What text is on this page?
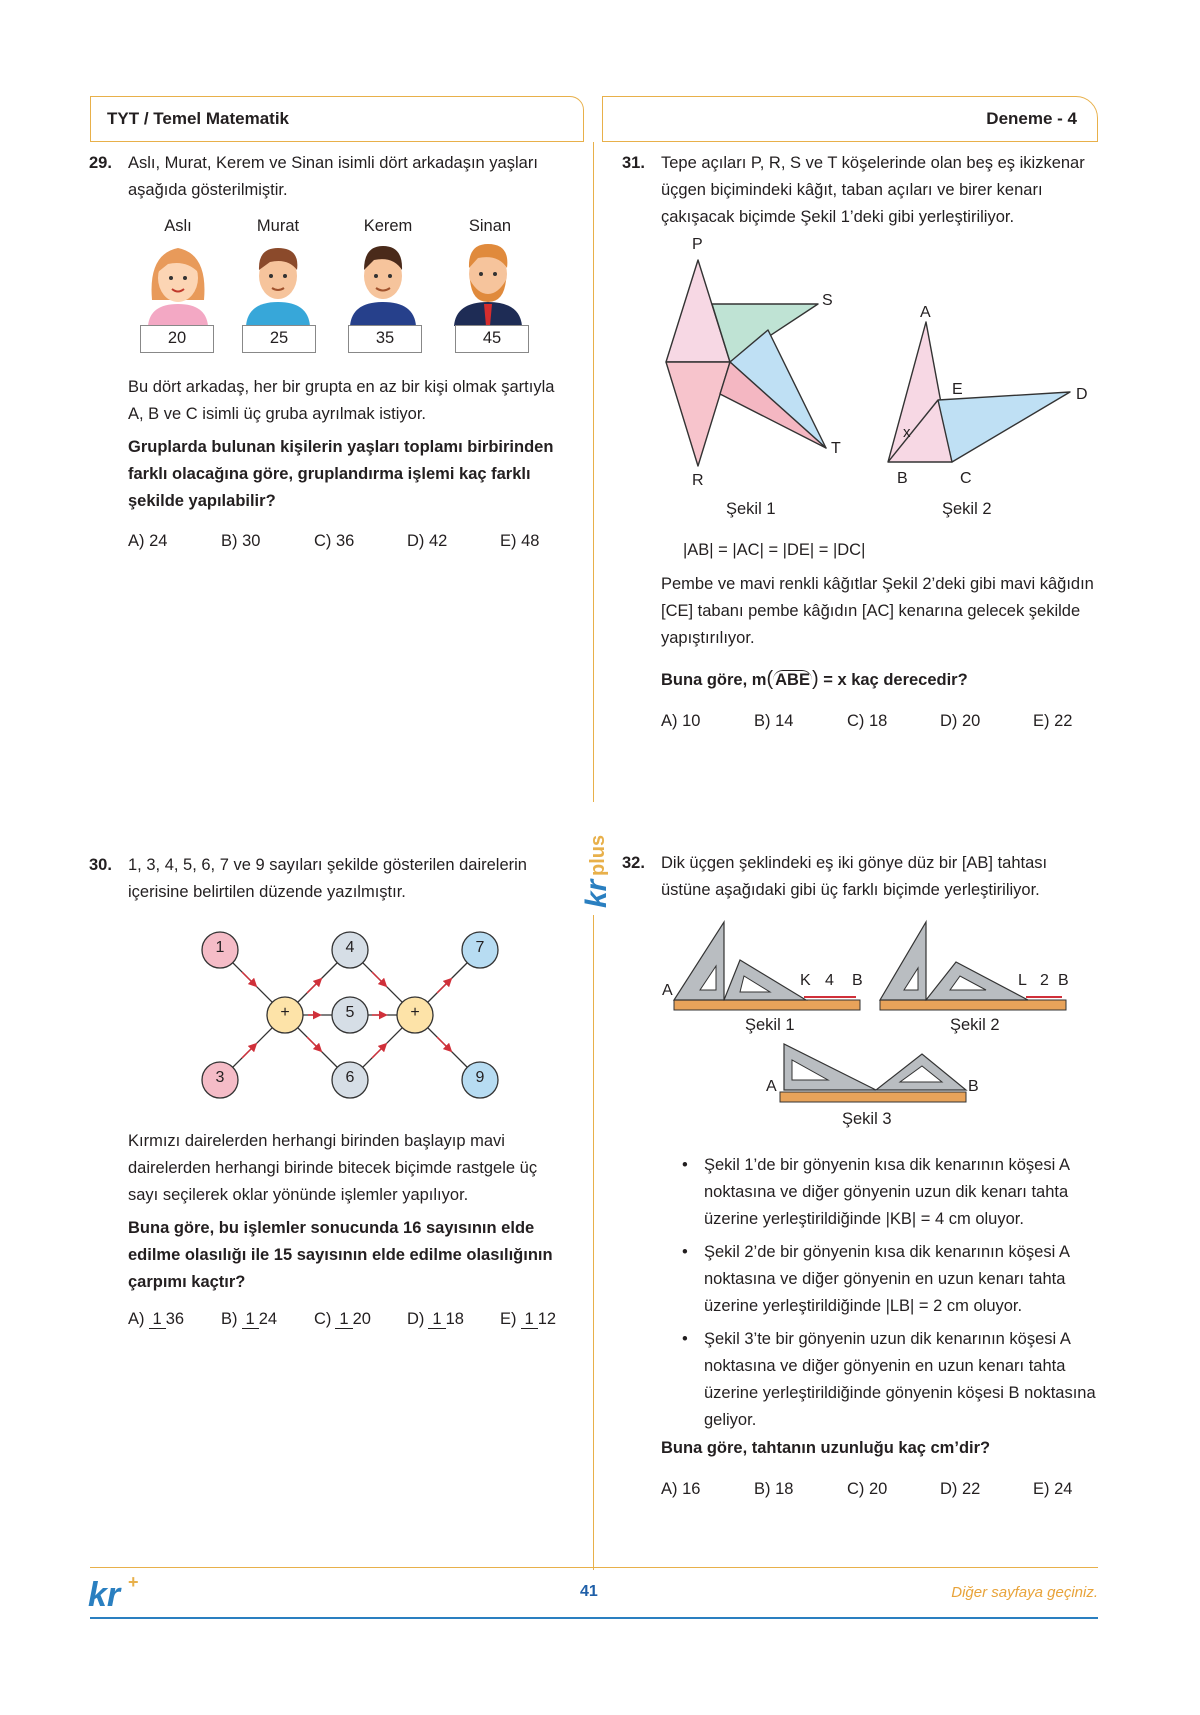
TYT / Temel Matematik	Deneme - 4
kr
plus
29. Aslı, Murat, Kerem ve Sinan isimli dört arkadaşın yaşları aşağıda gösterilmiştir.
Aslı	Murat	Kerem	Sinan
20	25	35	45
Bu dört arkadaş, her bir grupta en az bir kişi olmak şartıyla A, B ve C isimli üç gruba ayrılmak istiyor.
Gruplarda bulunan kişilerin yaşları toplamı birbirinden farklı olacağına göre, gruplandırma işlemi kaç farklı şekilde yapılabilir?
A) 24	B) 30	C) 36	D) 42	E) 48
30. 1, 3, 4, 5, 6, 7 ve 9 sayıları şekilde gösterilen dairelerin içerisine belirtilen düzende yazılmıştır.
1
3
+
4
5
6
+
7
9
Kırmızı dairelerden herhangi birinden başlayıp mavi dairelerden herhangi birinde bitecek biçimde rastgele üç sayı seçilerek oklar yönünde işlemler yapılıyor.
Buna göre, bu işlemler sonucunda 16 sayısının elde edilme olasılığı ile 15 sayısının elde edilme olasılığının çarpımı kaçtır?
A) 1 36	B) 1 24	C) 1 20	D) 1 18	E) 1 12
31. Tepe açıları P, R, S ve T köşelerinde olan beş eş ikizkenar üçgen biçimindeki kâğıt, taban açıları ve birer kenarı çakışacak biçimde Şekil 1’deki gibi yerleştiriliyor.
P
S
R
T
Şekil 1
A
E	D
x
B	C
Şekil 2
|AB| = |AC| = |DE| = |DC|
Pembe ve mavi renkli kâğıtlar Şekil 2’deki gibi mavi kâğıdın [CE] tabanı pembe kâğıdın [AC] kenarına gelecek şekilde yapıştırılıyor.
Buna göre, m( ABE ) = x kaç derecedir?
A) 10	B) 14	C) 18	D) 20	E) 22
32. Dik üçgen şeklindeki eş iki gönye düz bir [AB] tahtası üstüne aşağıdaki gibi üç farklı biçimde yerleştiriliyor.
A
K 4 B
Şekil 1
L 2 B
Şekil 2
A	B
Şekil 3
• Şekil 1’de bir gönyenin kısa dik kenarının köşesi A noktasına ve diğer gönyenin uzun dik kenarı tahta üzerine yerleştirildiğinde |KB| = 4 cm oluyor.
• Şekil 2’de bir gönyenin kısa dik kenarının köşesi A noktasına ve diğer gönyenin en uzun kenarı tahta üzerine yerleştirildiğinde |LB| = 2 cm oluyor.
• Şekil 3’te bir gönyenin uzun dik kenarının köşesi A noktasına ve diğer gönyenin en uzun kenarı tahta üzerine yerleştirildiğinde gönyenin köşesi B noktasına geliyor.
Buna göre, tahtanın uzunluğu kaç cm’dir?
A) 16	B) 18	C) 20	D) 22	E) 24
kr +	41	Diğer sayfaya geçiniz.
